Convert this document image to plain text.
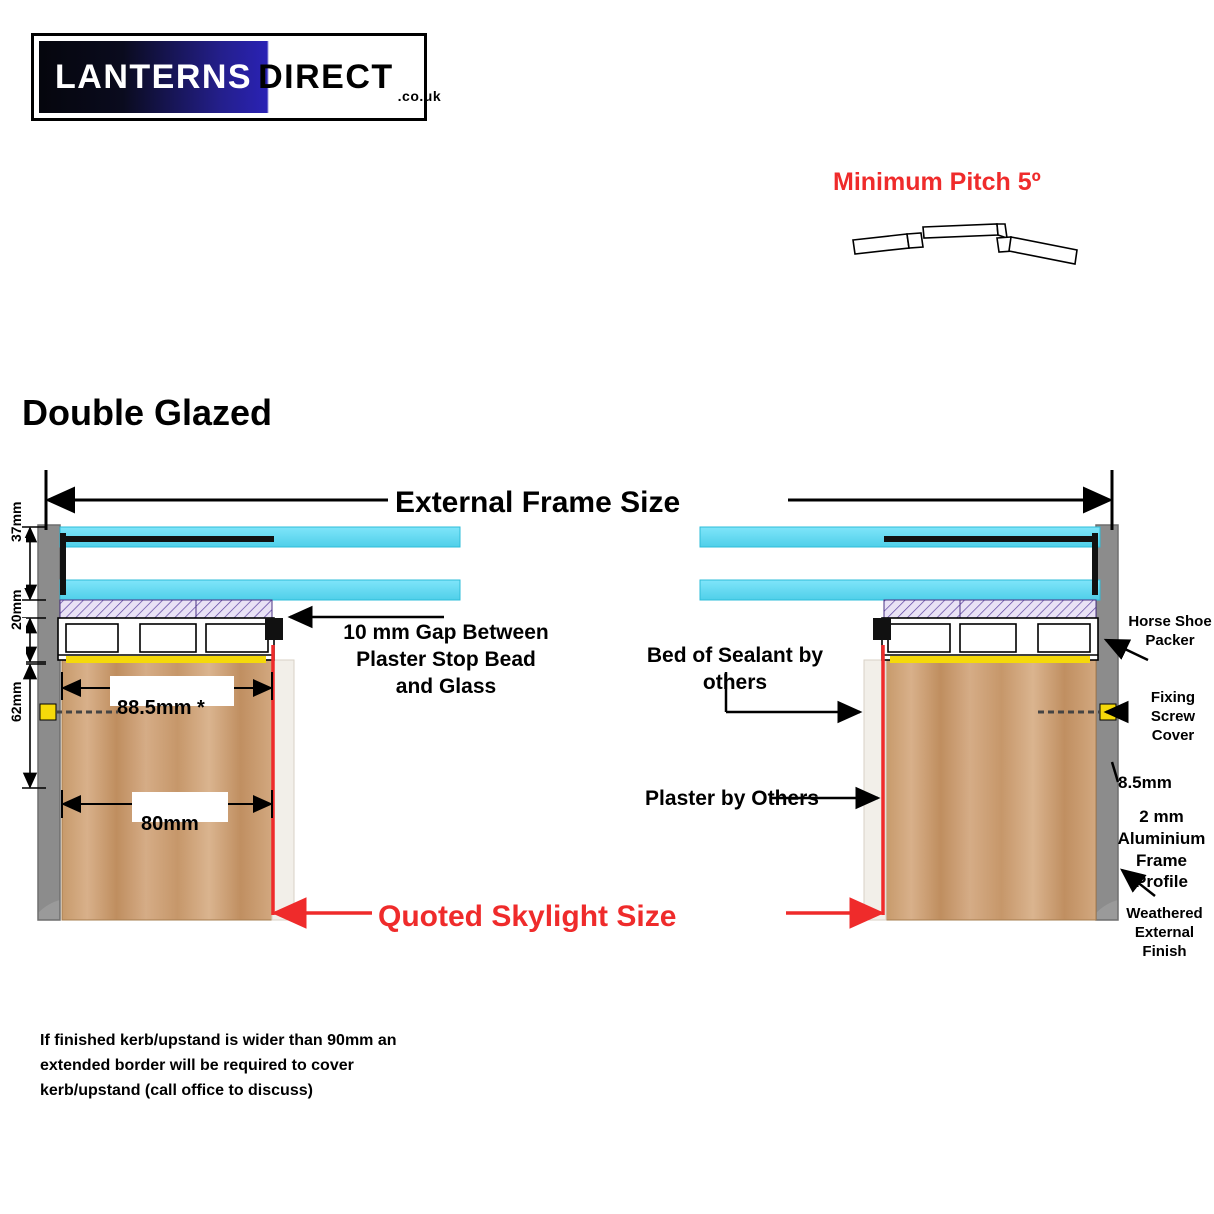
LANTERNS DIRECT
.co.uk
Minimum Pitch 5º
Double Glazed
External Frame Size
10 mm Gap Between Plaster Stop Bead and Glass
Bed of Sealant by others
Plaster by Others
Quoted Skylight Size
88.5mm *
80mm
37mm
20mm
62mm
Horse Shoe Packer
Fixing Screw Cover
8.5mm
2 mm Aluminium Frame Profile
Weathered External Finish
If finished kerb/upstand is wider than 90mm an extended border will be required to cover kerb/upstand (call office to discuss)
